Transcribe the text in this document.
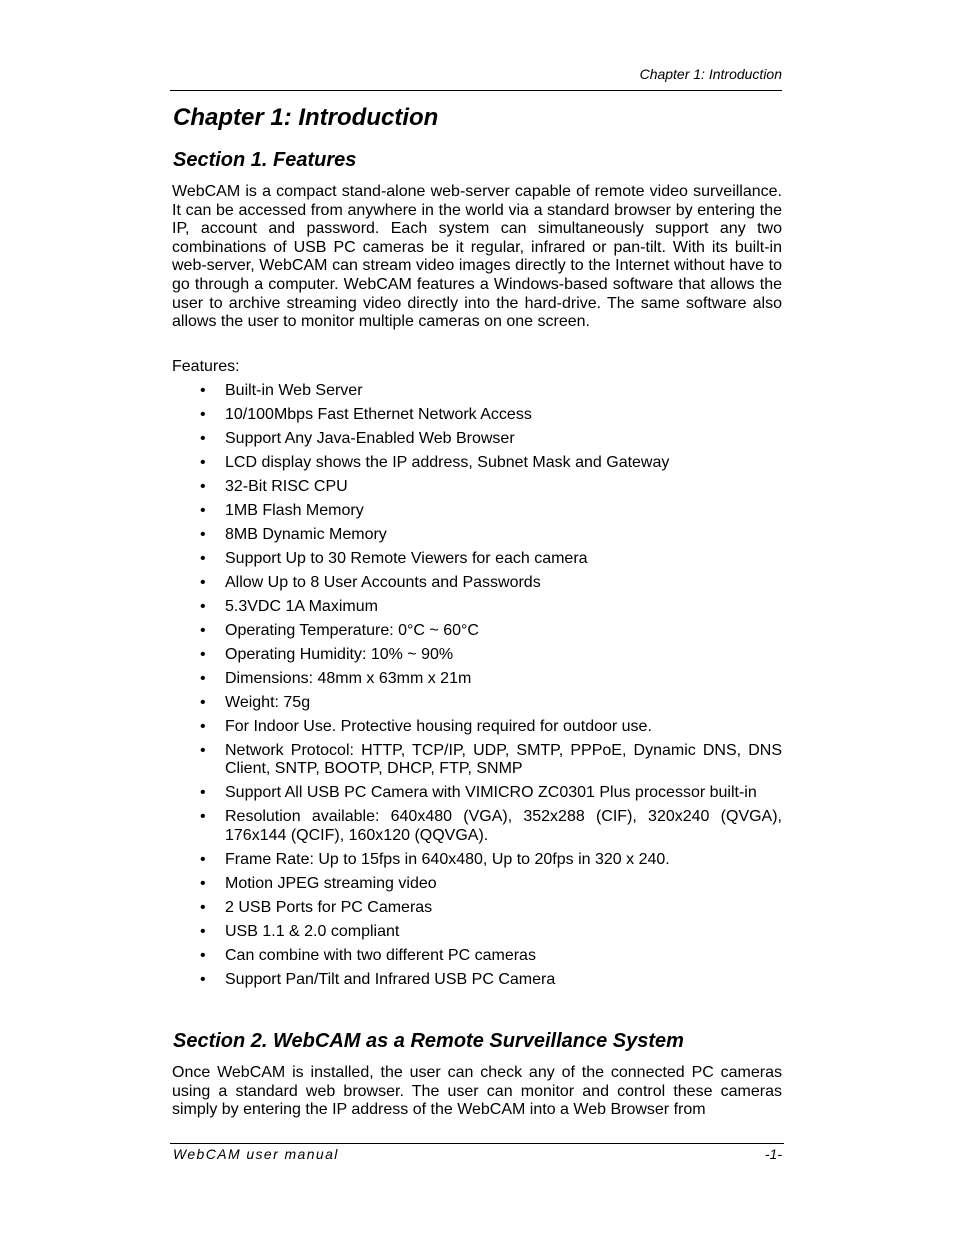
Chapter 1: Introduction
Chapter 1: Introduction
Section 1. Features

WebCAM is a compact stand-alone web-server capable of remote video surveillance. It can be accessed from anywhere in the world via a standard browser by entering the IP, account and password. Each system can simultaneously support any two combinations of USB PC cameras be it regular, infrared or pan-tilt. With its built-in web-server, WebCAM can stream video images directly to the Internet without have to go through a computer. WebCAM features a Windows-based software that allows the user to archive streaming video directly into the hard-drive. The same software also allows the user to monitor multiple cameras on one screen.

Features:
• Built-in Web Server
• 10/100Mbps Fast Ethernet Network Access
• Support Any Java-Enabled Web Browser
• LCD display shows the IP address, Subnet Mask and Gateway
• 32-Bit RISC CPU
• 1MB Flash Memory
• 8MB Dynamic Memory
• Support Up to 30 Remote Viewers for each camera
• Allow Up to 8 User Accounts and Passwords
• 5.3VDC 1A Maximum
• Operating Temperature: 0°C ~ 60°C
• Operating Humidity: 10% ~ 90%
• Dimensions: 48mm x 63mm x 21m
• Weight: 75g
• For Indoor Use. Protective housing required for outdoor use.
• Network Protocol: HTTP, TCP/IP, UDP, SMTP, PPPoE, Dynamic DNS, DNS Client, SNTP, BOOTP, DHCP, FTP, SNMP
• Support All USB PC Camera with VIMICRO ZC0301 Plus processor built-in
• Resolution available: 640x480 (VGA), 352x288 (CIF), 320x240 (QVGA), 176x144 (QCIF), 160x120 (QQVGA).
• Frame Rate: Up to 15fps in 640x480, Up to 20fps in 320 x 240.
• Motion JPEG streaming video
• 2 USB Ports for PC Cameras
• USB 1.1 & 2.0 compliant
• Can combine with two different PC cameras
• Support Pan/Tilt and Infrared USB PC Camera
Section 2. WebCAM as a Remote Surveillance System

Once WebCAM is installed, the user can check any of the connected PC cameras using a standard web browser. The user can monitor and control these cameras simply by entering the IP address of the WebCAM into a Web Browser from

WebCAM user manual	-1-
